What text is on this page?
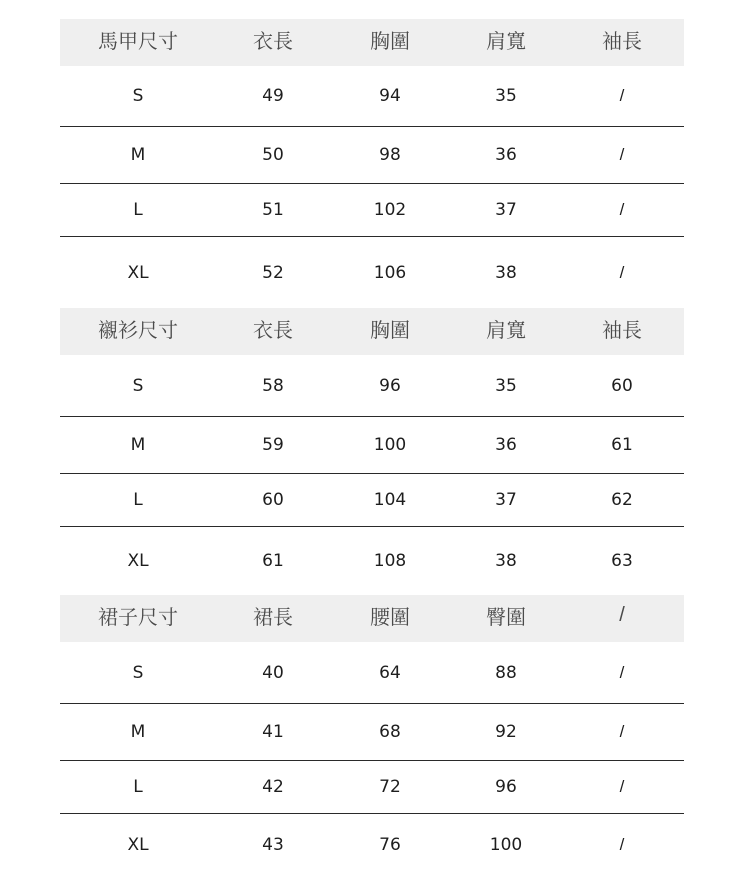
馬甲尺寸	衣長	胸圍	肩寬	袖長
S	49	94	35	/
M	50	98	36	/
L	51	102	37	/
XL	52	106	38	/
襯衫尺寸	衣長	胸圍	肩寬	袖長
S	58	96	35	60
M	59	100	36	61
L	60	104	37	62
XL	61	108	38	63
裙子尺寸	裙長	腰圍	臀圍	/
S	40	64	88	/
M	41	68	92	/
L	42	72	96	/
XL	43	76	100	/
